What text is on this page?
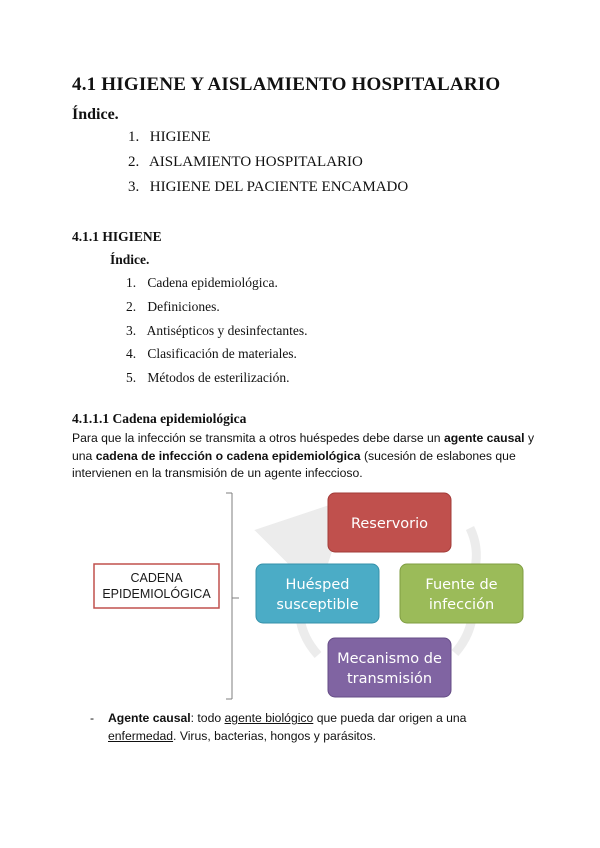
4.1 HIGIENE Y AISLAMIENTO HOSPITALARIO
Índice.
1. HIGIENE
2. AISLAMIENTO HOSPITALARIO
3. HIGIENE DEL PACIENTE ENCAMADO
4.1.1 HIGIENE
Índice.
1. Cadena epidemiológica.
2. Definiciones.
3. Antisépticos y desinfectantes.
4. Clasificación de materiales.
5. Métodos de esterilización.
4.1.1.1 Cadena epidemiológica
Para que la infección se transmita a otros huéspedes debe darse un agente causal y una cadena de infección o cadena epidemiológica (sucesión de eslabones que intervienen en la transmisión de un agente infeccioso.
CADENA
EPIDEMIOLÓGICA
Reservorio
Fuente de
infección
Mecanismo de
transmisión
Huésped
susceptible
- Agente causal: todo agente biológico que pueda dar origen a una enfermedad. Virus, bacterias, hongos y parásitos.
